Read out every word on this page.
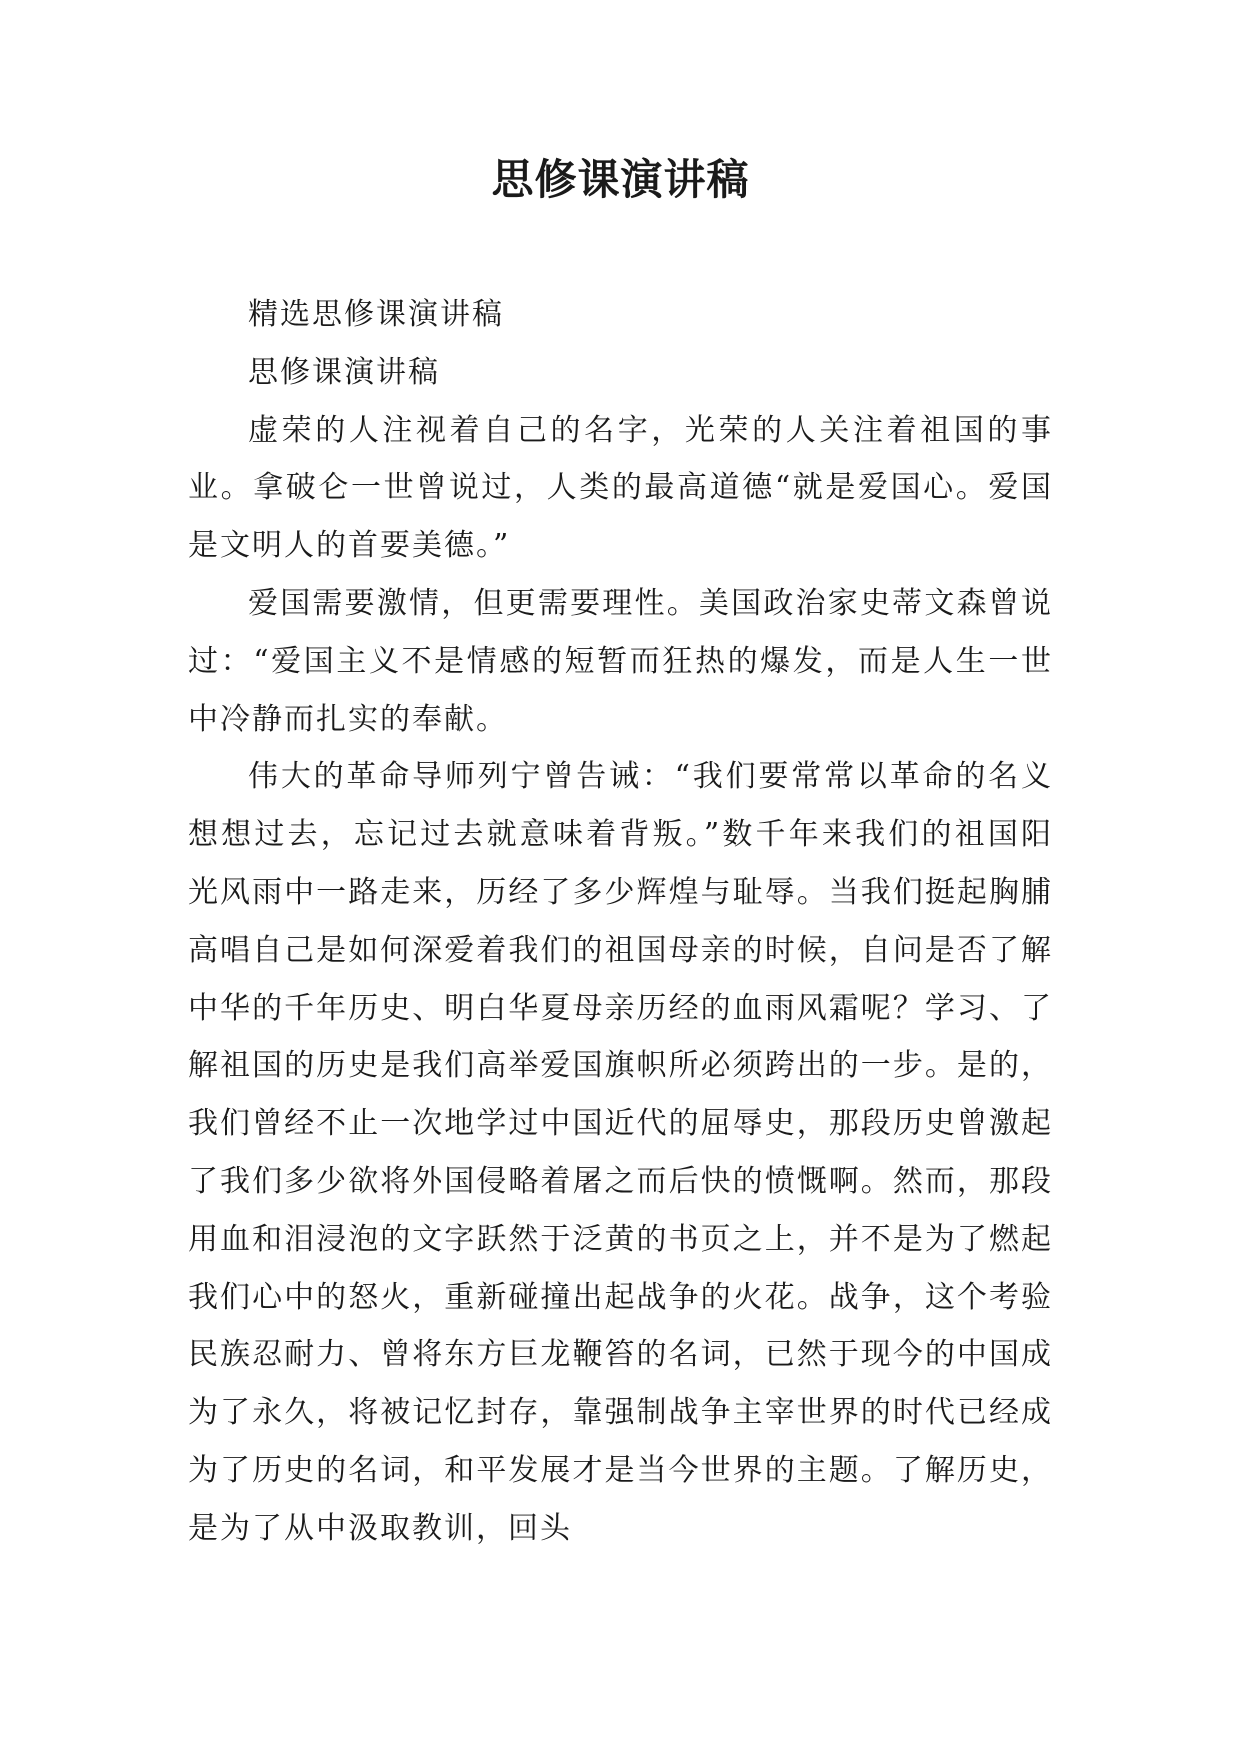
思修课演讲稿

精选思修课演讲稿

思修课演讲稿

虚荣的人注视着自己的名字，光荣的人关注着祖国的事业。拿破仑一世曾说过，人类的最高道德“就是爱国心。爱国是文明人的首要美德。”

爱国需要激情，但更需要理性。美国政治家史蒂文森曾说过：“爱国主义不是情感的短暂而狂热的爆发，而是人生一世中冷静而扎实的奉献。

伟大的革命导师列宁曾告诫：“我们要常常以革命的名义想想过去，忘记过去就意味着背叛。”数千年来我们的祖国阳光风雨中一路走来，历经了多少辉煌与耻辱。当我们挺起胸脯高唱自己是如何深爱着我们的祖国母亲的时候，自问是否了解中华的千年历史、明白华夏母亲历经的血雨风霜呢？学习、了解祖国的历史是我们高举爱国旗帜所必须跨出的一步。是的，我们曾经不止一次地学过中国近代的屈辱史，那段历史曾激起了我们多少欲将外国侵略着屠之而后快的愤慨啊。然而，那段用血和泪浸泡的文字跃然于泛黄的书页之上，并不是为了燃起我们心中的怒火，重新碰撞出起战争的火花。战争，这个考验民族忍耐力、曾将东方巨龙鞭笞的名词，已然于现今的中国成为了永久，将被记忆封存，靠强制战争主宰世界的时代已经成为了历史的名词，和平发展才是当今世界的主题。了解历史，是为了从中汲取教训，回头
